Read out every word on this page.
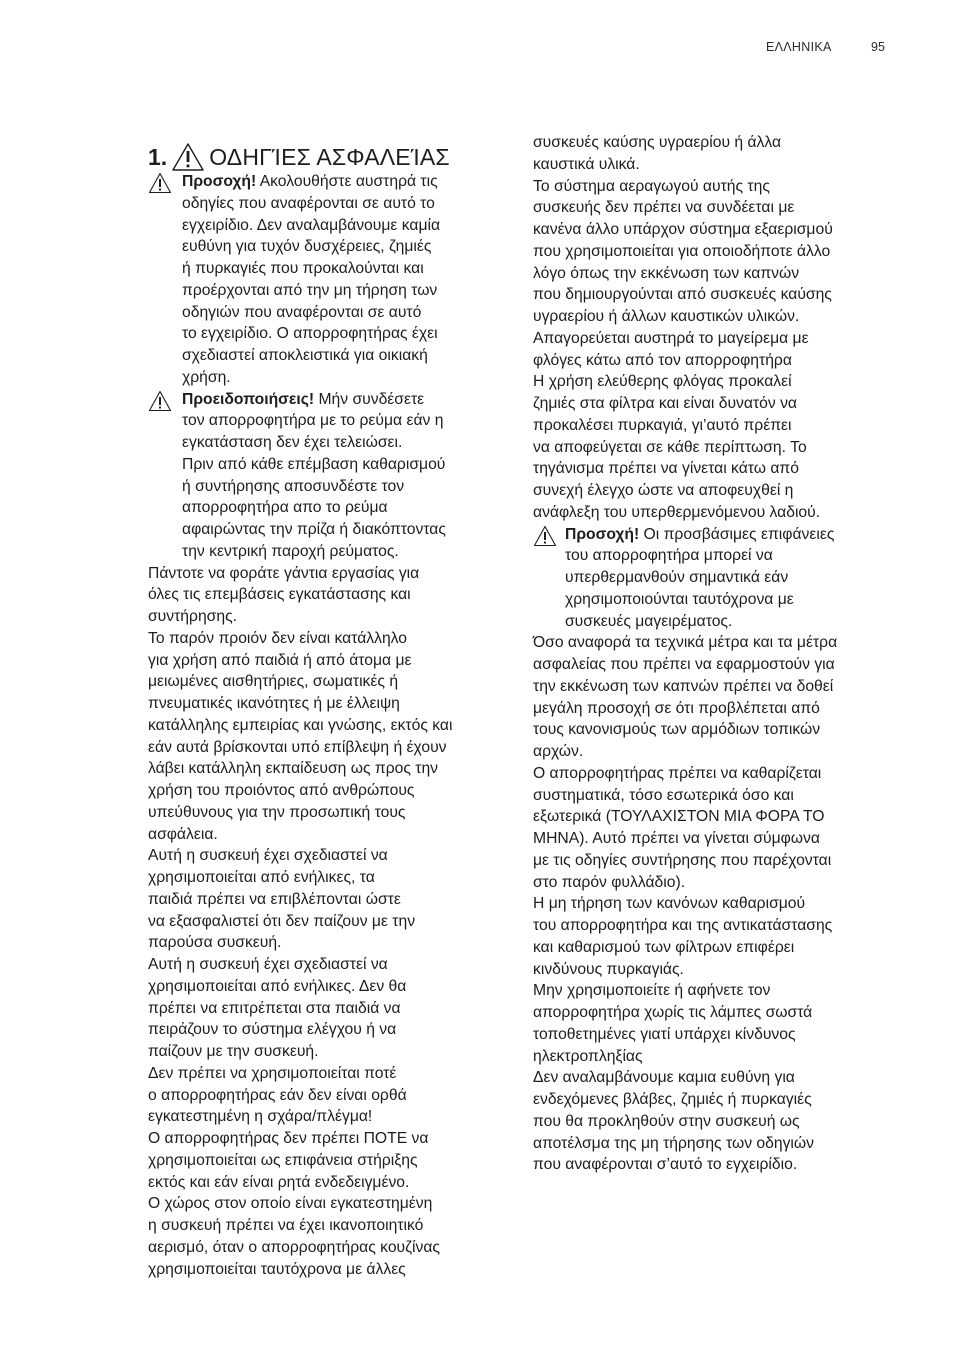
ΕΛΛΗΝΙΚΑ	95
1. ΟΔΗΓΊΕΣ ΑΣΦΑΛΕΊΑΣ

Προσοχή! Ακολουθήστε αυστηρά τις

οδηγίες που αναφέρονται σε αυτό το

εγχειρίδιο. Δεν αναλαμβάνουμε καμία

ευθύνη για τυχόν δυσχέρειες, ζημιές

ή πυρκαγιές που προκαλούνται και

προέρχονται από την μη τήρηση των

οδηγιών που αναφέρονται σε αυτό

το εγχειρίδιο. Ο απορροφητήρας έχει

σχεδιαστεί αποκλειστικά για οικιακή

χρήση.

Προειδοποιήσεις! Μήν συνδέσετε

τον απορροφητήρα με το ρεύμα εάν η

εγκατάσταση δεν έχει τελειώσει.

Πριν από κάθε επέμβαση καθαρισμού

ή συντήρησης αποσυνδέστε τον

απορροφητήρα απο το ρεύμα

αφαιρώντας την πρίζα ή διακόπτοντας

την κεντρική παροχή ρεύματος.

Πάντοτε να φοράτε γάντια εργασίας για

όλες τις επεμβάσεις εγκατάστασης και

συντήρησης.

Το παρόν προιόν δεν είναι κατάλληλο

για χρήση από παιδιά ή από άτομα με

μειωμένες αισθητήριες, σωματικές ή

πνευματικές ικανότητες ή με έλλειψη

κατάλληλης εμπειρίας και γνώσης, εκτός και

εάν αυτά βρίσκονται υπό επίβλεψη ή έχουν

λάβει κατάλληλη εκπαίδευση ως προς την

χρήση του προιόντος από ανθρώπους

υπεύθυνους για την προσωπική τους

ασφάλεια.

Αυτή η συσκευή έχει σχεδιαστεί να

χρησιμοποιείται από ενήλικες, τα

παιδιά πρέπει να επιβλέπονται ώστε

να εξασφαλιστεί ότι δεν παίζουν με την

παρούσα συσκευή.

Αυτή η συσκευή έχει σχεδιαστεί να

χρησιμοποιείται από ενήλικες. Δεν θα

πρέπει να επιτρέπεται στα παιδιά να

πειράζουν το σύστημα ελέγχου ή να

παίζουν με την συσκευή.

Δεν πρέπει να χρησιμοποιείται ποτέ

ο απορροφητήρας εάν δεν είναι ορθά

εγκατεστημένη η σχάρα/πλέγμα!

Ο απορροφητήρας δεν πρέπει ΠΟΤΕ να

χρησιμοποιείται ως επιφάνεια στήριξης

εκτός και εάν είναι ρητά ενδεδειγμένο.

Ο χώρος στον οποίο είναι εγκατεστημένη

η συσκευή πρέπει να έχει ικανοποιητικό

αερισμό, όταν ο απορροφητήρας κουζίνας

χρησιμοποιείται ταυτόχρονα με άλλες

συσκευές καύσης υγραερίου ή άλλα

καυστικά υλικά.

Το σύστημα αεραγωγού αυτής της

συσκευής δεν πρέπει να συνδέεται με

κανένα άλλο υπάρχον σύστημα εξαερισμού

που χρησιμοποιείται για οποιοδήποτε άλλο

λόγο όπως την εκκένωση των καπνών

που δημιουργούνται από συσκευές καύσης

υγραερίου ή άλλων καυστικών υλικών.

Απαγορεύεται αυστηρά το μαγείρεμα με

φλόγες κάτω από τον απορροφητήρα

Η χρήση ελεύθερης φλόγας προκαλεί

ζημιές στα φίλτρα και είναι δυνατόν να

προκαλέσει πυρκαγιά, γι’αυτό πρέπει

να αποφεύγεται σε κάθε περίπτωση. Το

τηγάνισμα πρέπει να γίνεται κάτω από

συνεχή έλεγχο ώστε να αποφευχθεί η

ανάφλεξη του υπερθερμενόμενου λαδιού.

Προσοχή! Οι προσβάσιμες επιφάνειες

του απορροφητήρα μπορεί να

υπερθερμανθούν σημαντικά εάν

χρησιμοποιούνται ταυτόχρονα με

συσκευές μαγειρέματος.

Όσο αναφορά τα τεχνικά μέτρα και τα μέτρα

ασφαλείας που πρέπει να εφαρμοστούν για

την εκκένωση των καπνών πρέπει να δοθεί

μεγάλη προσοχή σε ότι προβλέπεται από

τους κανονισμούς των αρμόδιων τοπικών

αρχών.

Ο απορροφητήρας πρέπει να καθαρίζεται

συστηματικά, τόσο εσωτερικά όσο και

εξωτερικά (ΤΟΥΛΑΧΙΣΤΟΝ ΜΙΑ ΦΟΡΑ ΤΟ

ΜΗΝΑ). Αυτό πρέπει να γίνεται σύμφωνα

με τις οδηγίες συντήρησης που παρέχονται

στο παρόν φυλλάδιο).

Η μη τήρηση των κανόνων καθαρισμού

του απορροφητήρα και της αντικατάστασης

και καθαρισμού των φίλτρων επιφέρει

κινδύνους πυρκαγιάς.

Μην χρησιμοποιείτε ή αφήνετε τον

απορροφητήρα χωρίς τις λάμπες σωστά

τοποθετημένες γιατί υπάρχει κίνδυνος

ηλεκτροπληξίας

Δεν αναλαμβάνουμε καμια ευθύνη για

ενδεχόμενες βλάβες, ζημιές ή πυρκαγιές

που θα προκληθούν στην συσκευή ως

αποτέλσμα της μη τήρησης των οδηγιών

που αναφέρονται σ’αυτό το εγχειρίδιο.
